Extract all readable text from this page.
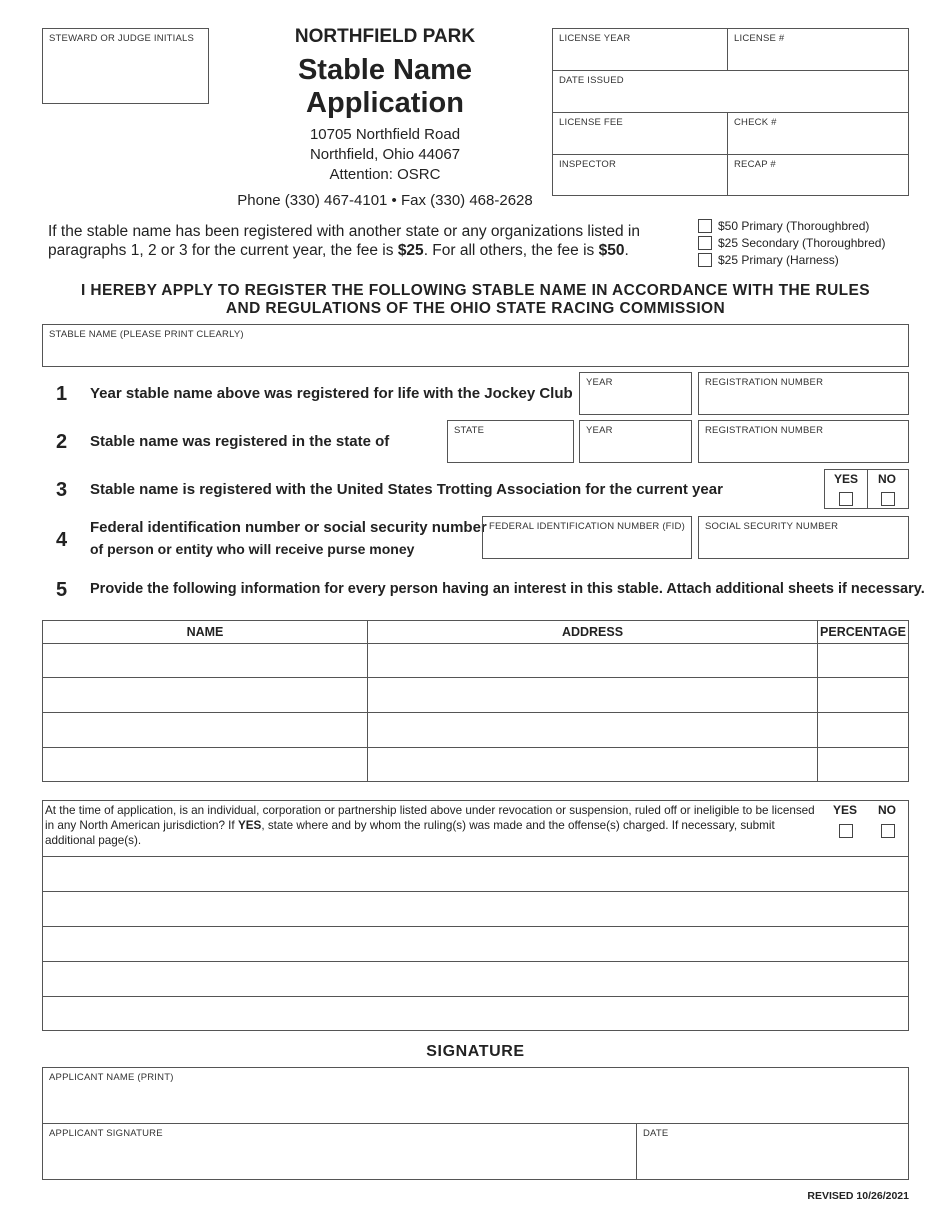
STEWARD OR JUDGE INITIALS	NORTHFIELD PARK
Stable Name Application
10705 Northfield Road
Northfield, Ohio 44067
Attention: OSRC
Phone (330) 467-4101 • Fax (330) 468-2628
LICENSE YEAR	LICENSE #
DATE ISSUED
LICENSE FEE	CHECK #
INSPECTOR	RECAP #
If the stable name has been registered with another state or any organizations listed in paragraphs 1, 2 or 3 for the current year, the fee is $25. For all others, the fee is $50.
$50 Primary (Thoroughbred)
$25 Secondary (Thoroughbred)
$25 Primary (Harness)
I HEREBY APPLY TO REGISTER THE FOLLOWING STABLE NAME IN ACCORDANCE WITH THE RULES
AND REGULATIONS OF THE OHIO STATE RACING COMMISSION
STABLE NAME (PLEASE PRINT CLEARLY)
1 Year stable name above was registered for life with the Jockey Club
YEAR	REGISTRATION NUMBER
2 Stable name was registered in the state of
STATE	YEAR	REGISTRATION NUMBER
3 Stable name is registered with the United States Trotting Association for the current year
YES NO
4
Federal identification number or social security number
of person or entity who will receive purse money
FEDERAL IDENTIFICATION NUMBER (FID) SOCIAL SECURITY NUMBER
5 Provide the following information for every person having an interest in this stable. Attach additional sheets if necessary.
NAME	ADDRESS	PERCENTAGE

At the time of application, is an individual, corporation or partnership listed above under revocation or suspension, ruled off or ineligible to be licensed in any North American jurisdiction? If YES, state where and by whom the ruling(s) was made and the offense(s) charged. If necessary, submit additional page(s).
YES NO
SIGNATURE
APPLICANT NAME (PRINT)
APPLICANT SIGNATURE	DATE
REVISED 10/26/2021
